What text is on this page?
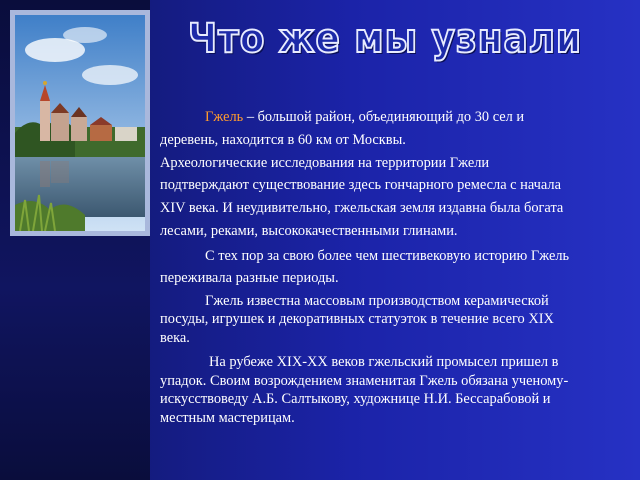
Что же мы узнали

Гжель – большой район, объединяющий до 30 сел и
деревень, находится в 60 км от Москвы.
Археологические исследования на территории Гжели
подтверждают существование здесь гончарного ремесла с начала
XIV века. И неудивительно, гжельская земля издавна была богата
лесами, реками, высококачественными глинами.

С тех пор за свою более чем шестивековую историю Гжель
переживала разные периоды.

Гжель известна массовым производством керамической
посуды, игрушек и декоративных статуэток в течение всего XIX
века.

На рубеже XIX-XX веков гжельский промысел пришел в
упадок. Своим возрождением знаменитая Гжель обязана ученому-
искусствоведу А.Б. Салтыкову, художнице Н.И. Бессарабовой и
местным мастерицам.
